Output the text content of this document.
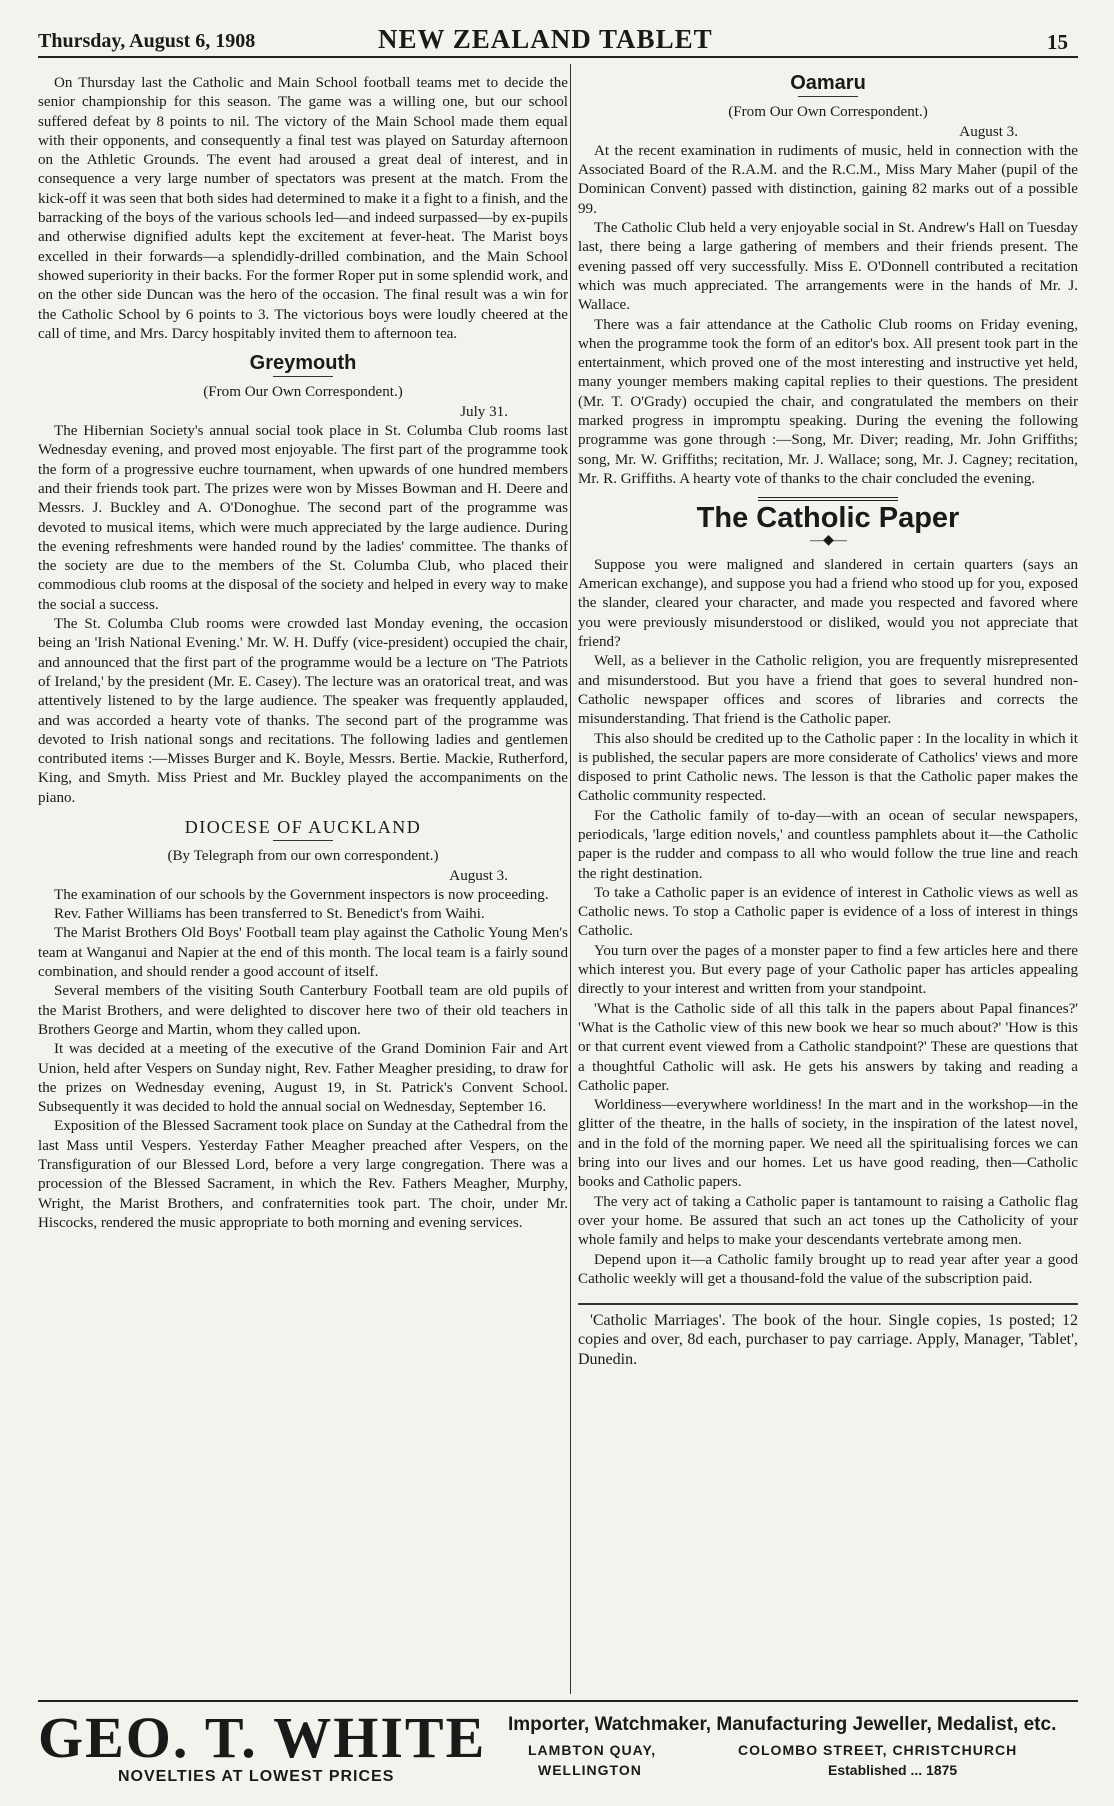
Thursday, August 6, 1908	NEW ZEALAND TABLET	15

On Thursday last the Catholic and Main School football teams met to decide the senior championship for this season. The game was a willing one, but our school suffered defeat by 8 points to nil. The victory of the Main School made them equal with their opponents, and consequently a final test was played on Saturday afternoon on the Athletic Grounds. The event had aroused a great deal of interest, and in consequence a very large number of spectators was present at the match. From the kick-off it was seen that both sides had determined to make it a fight to a finish, and the barracking of the boys of the various schools led—and indeed surpassed—by ex-pupils and otherwise dignified adults kept the excitement at fever-heat. The Marist boys excelled in their forwards—a splendidly-drilled combination, and the Main School showed superiority in their backs. For the former Roper put in some splendid work, and on the other side Duncan was the hero of the occasion. The final result was a win for the Catholic School by 6 points to 3. The victorious boys were loudly cheered at the call of time, and Mrs. Darcy hospitably invited them to afternoon tea.

Greymouth
(From Our Own Correspondent.)
July 31.

The Hibernian Society's annual social took place in St. Columba Club rooms last Wednesday evening, and proved most enjoyable. The first part of the programme took the form of a progressive euchre tournament, when upwards of one hundred members and their friends took part. The prizes were won by Misses Bowman and H. Deere and Messrs. J. Buckley and A. O'Donoghue. The second part of the programme was devoted to musical items, which were much appreciated by the large audience. During the evening refreshments were handed round by the ladies' committee. The thanks of the society are due to the members of the St. Columba Club, who placed their commodious club rooms at the disposal of the society and helped in every way to make the social a success.

The St. Columba Club rooms were crowded last Monday evening, the occasion being an 'Irish National Evening.' Mr. W. H. Duffy (vice-president) occupied the chair, and announced that the first part of the programme would be a lecture on 'The Patriots of Ireland,' by the president (Mr. E. Casey). The lecture was an oratorical treat, and was attentively listened to by the large audience. The speaker was frequently applauded, and was accorded a hearty vote of thanks. The second part of the programme was devoted to Irish national songs and recitations. The following ladies and gentlemen contributed items :—Misses Burger and K. Boyle, Messrs. Bertie. Mackie, Rutherford, King, and Smyth. Miss Priest and Mr. Buckley played the accompaniments on the piano.

DIOCESE OF AUCKLAND
(By Telegraph from our own correspondent.)
August 3.

The examination of our schools by the Government inspectors is now proceeding.

Rev. Father Williams has been transferred to St. Benedict's from Waihi.

The Marist Brothers Old Boys' Football team play against the Catholic Young Men's team at Wanganui and Napier at the end of this month. The local team is a fairly sound combination, and should render a good account of itself.

Several members of the visiting South Canterbury Football team are old pupils of the Marist Brothers, and were delighted to discover here two of their old teachers in Brothers George and Martin, whom they called upon.

It was decided at a meeting of the executive of the Grand Dominion Fair and Art Union, held after Vespers on Sunday night, Rev. Father Meagher presiding, to draw for the prizes on Wednesday evening, August 19, in St. Patrick's Convent School. Subsequently it was decided to hold the annual social on Wednesday, September 16.

Exposition of the Blessed Sacrament took place on Sunday at the Cathedral from the last Mass until Vespers. Yesterday Father Meagher preached after Vespers, on the Transfiguration of our Blessed Lord, before a very large congregation. There was a procession of the Blessed Sacrament, in which the Rev. Fathers Meagher, Murphy, Wright, the Marist Brothers, and confraternities took part. The choir, under Mr. Hiscocks, rendered the music appropriate to both morning and evening services.

Oamaru
(From Our Own Correspondent.)
August 3.

At the recent examination in rudiments of music, held in connection with the Associated Board of the R.A.M. and the R.C.M., Miss Mary Maher (pupil of the Dominican Convent) passed with distinction, gaining 82 marks out of a possible 99.

The Catholic Club held a very enjoyable social in St. Andrew's Hall on Tuesday last, there being a large gathering of members and their friends present. The evening passed off very successfully. Miss E. O'Donnell contributed a recitation which was much appreciated. The arrangements were in the hands of Mr. J. Wallace.

There was a fair attendance at the Catholic Club rooms on Friday evening, when the programme took the form of an editor's box. All present took part in the entertainment, which proved one of the most interesting and instructive yet held, many younger members making capital replies to their questions. The president (Mr. T. O'Grady) occupied the chair, and congratulated the members on their marked progress in impromptu speaking. During the evening the following programme was gone through :—Song, Mr. Diver; reading, Mr. John Griffiths; song, Mr. W. Griffiths; recitation, Mr. J. Wallace; song, Mr. J. Cagney; recitation, Mr. R. Griffiths. A hearty vote of thanks to the chair concluded the evening.

The Catholic Paper
—◆—

Suppose you were maligned and slandered in certain quarters (says an American exchange), and suppose you had a friend who stood up for you, exposed the slander, cleared your character, and made you respected and favored where you were previously misunderstood or disliked, would you not appreciate that friend?

Well, as a believer in the Catholic religion, you are frequently misrepresented and misunderstood. But you have a friend that goes to several hundred non-Catholic newspaper offices and scores of libraries and corrects the misunderstanding. That friend is the Catholic paper.

This also should be credited up to the Catholic paper : In the locality in which it is published, the secular papers are more considerate of Catholics' views and more disposed to print Catholic news. The lesson is that the Catholic paper makes the Catholic community respected.

For the Catholic family of to-day—with an ocean of secular newspapers, periodicals, 'large edition novels,' and countless pamphlets about it—the Catholic paper is the rudder and compass to all who would follow the true line and reach the right destination.

To take a Catholic paper is an evidence of interest in Catholic views as well as Catholic news. To stop a Catholic paper is evidence of a loss of interest in things Catholic.

You turn over the pages of a monster paper to find a few articles here and there which interest you. But every page of your Catholic paper has articles appealing directly to your interest and written from your standpoint.

'What is the Catholic side of all this talk in the papers about Papal finances?' 'What is the Catholic view of this new book we hear so much about?' 'How is this or that current event viewed from a Catholic standpoint?' These are questions that a thoughtful Catholic will ask. He gets his answers by taking and reading a Catholic paper.

Worldiness—everywhere worldiness! In the mart and in the workshop—in the glitter of the theatre, in the halls of society, in the inspiration of the latest novel, and in the fold of the morning paper. We need all the spiritualising forces we can bring into our lives and our homes. Let us have good reading, then—Catholic books and Catholic papers.

The very act of taking a Catholic paper is tantamount to raising a Catholic flag over your home. Be assured that such an act tones up the Catholicity of your whole family and helps to make your descendants vertebrate among men.

Depend upon it—a Catholic family brought up to read year after year a good Catholic weekly will get a thousand-fold the value of the subscription paid.

'Catholic Marriages'. The book of the hour. Single copies, 1s posted; 12 copies and over, 8d each, purchaser to pay carriage. Apply, Manager, 'Tablet', Dunedin.

GEO. T. WHITE
NOVELTIES AT LOWEST PRICES
Importer, Watchmaker, Manufacturing Jeweller, Medalist, etc.
LAMBTON QUAY,
WELLINGTON
COLOMBO STREET, CHRISTCHURCH
Established ... 1875
